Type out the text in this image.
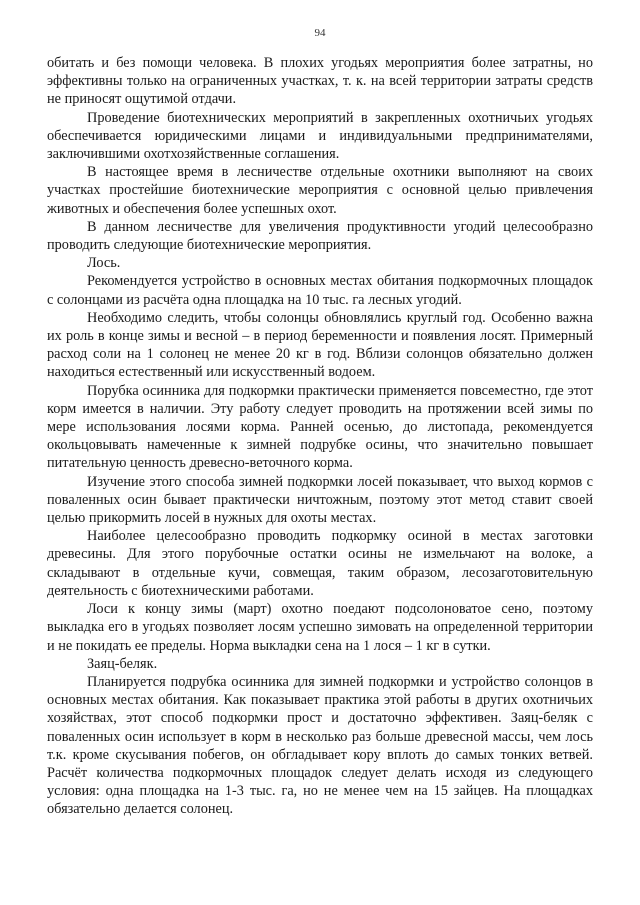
94

обитать и без помощи человека. В плохих угодьях мероприятия более затратны, но эффективны только на ограниченных участках, т. к. на всей территории затраты средств не приносят ощутимой отдачи.

Проведение биотехнических мероприятий в закрепленных охотничьих угодьях обеспечивается юридическими лицами и индивидуальными предпринимателями, заключившими охотхозяйственные соглашения.

В настоящее время в лесничестве отдельные охотники выполняют на своих участках простейшие биотехнические мероприятия с основной целью привлечения животных и обеспечения более успешных охот.

В данном лесничестве для увеличения продуктивности угодий целесообразно проводить следующие биотехнические мероприятия.

Лось.

Рекомендуется устройство в основных местах обитания подкормочных площадок с солонцами из расчёта одна площадка на 10 тыс. га лесных угодий.

Необходимо следить, чтобы солонцы обновлялись круглый год. Особенно важна их роль в конце зимы и весной – в период беременности и появления лосят. Примерный расход соли на 1 солонец не менее 20 кг в год. Вблизи солонцов обязательно должен находиться естественный или искусственный водоем.

Порубка осинника для подкормки практически применяется повсеместно, где этот корм имеется в наличии. Эту работу следует проводить на протяжении всей зимы по мере использования лосями корма. Ранней осенью, до листопада, рекомендуется окольцовывать намеченные к зимней подрубке осины, что значительно повышает питательную ценность древесно-веточного корма.

Изучение этого способа зимней подкормки лосей показывает, что выход кормов с поваленных осин бывает практически ничтожным, поэтому этот метод ставит своей целью прикормить лосей в нужных для охоты местах.

Наиболее целесообразно проводить подкормку осиной в местах заготовки древесины. Для этого порубочные остатки осины не измельчают на волоке, а складывают в отдельные кучи, совмещая, таким образом, лесозаготовительную деятельность с биотехническими работами.

Лоси к концу зимы (март) охотно поедают подсолоноватое сено, поэтому выкладка его в угодьях позволяет лосям успешно зимовать на определенной территории и не покидать ее пределы. Норма выкладки сена на 1 лося – 1 кг в сутки.

Заяц-беляк.

Планируется подрубка осинника для зимней подкормки и устройство солонцов в основных местах обитания. Как показывает практика этой работы в других охотничьих хозяйствах, этот способ подкормки прост и достаточно эффективен. Заяц-беляк с поваленных осин использует в корм в несколько раз больше древесной массы, чем лось т.к. кроме скусывания побегов, он обгладывает кору вплоть до самых тонких ветвей. Расчёт количества подкормочных площадок следует делать исходя из следующего условия: одна площадка на 1-3 тыс. га, но не менее чем на 15 зайцев. На площадках обязательно делается солонец.
